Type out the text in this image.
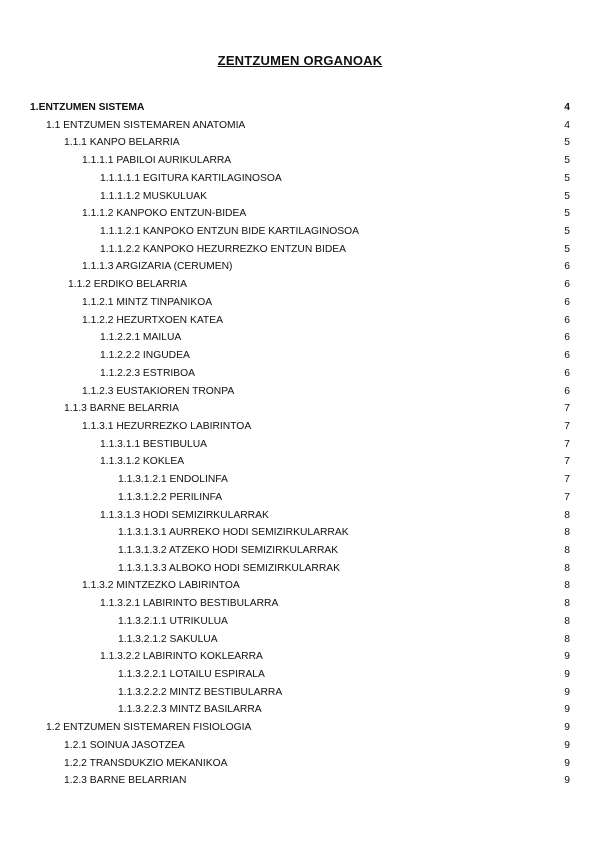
ZENTZUMEN ORGANOAK
1.ENTZUMEN SISTEMA	4
1.1 ENTZUMEN SISTEMAREN ANATOMIA	4
1.1.1 KANPO BELARRIA	5
1.1.1.1 PABILOI AURIKULARRA	5
1.1.1.1.1 EGITURA KARTILAGINOSOA	5
1.1.1.1.2 MUSKULUAK	5
1.1.1.2 KANPOKO ENTZUN-BIDEA	5
1.1.1.2.1 KANPOKO ENTZUN BIDE KARTILAGINOSOA	5
1.1.1.2.2 KANPOKO HEZURREZKO ENTZUN BIDEA	5
1.1.1.3 ARGIZARIA (CERUMEN)	6
1.1.2 ERDIKO BELARRIA	6
1.1.2.1 MINTZ TINPANIKOA	6
1.1.2.2 HEZURTXOEN KATEA	6
1.1.2.2.1 MAILUA	6
1.1.2.2.2 INGUDEA	6
1.1.2.2.3 ESTRIBOA	6
1.1.2.3 EUSTAKIOREN TRONPA	6
1.1.3 BARNE BELARRIA	7
1.1.3.1 HEZURREZKO LABIRINTOA	7
1.1.3.1.1 BESTIBULUA	7
1.1.3.1.2 KOKLEA	7
1.1.3.1.2.1 ENDOLINFA	7
1.1.3.1.2.2 PERILINFA	7
1.1.3.1.3 HODI SEMIZIRKULARRAK	8
1.1.3.1.3.1 AURREKO HODI SEMIZIRKULARRAK	8
1.1.3.1.3.2 ATZEKO HODI SEMIZIRKULARRAK	8
1.1.3.1.3.3 ALBOKO HODI SEMIZIRKULARRAK	8
1.1.3.2 MINTZEZKO LABIRINTOA	8
1.1.3.2.1 LABIRINTO BESTIBULARRA	8
1.1.3.2.1.1 UTRIKULUA	8
1.1.3.2.1.2 SAKULUA	8
1.1.3.2.2 LABIRINTO KOKLEARRA	9
1.1.3.2.2.1 LOTAILU ESPIRALA	9
1.1.3.2.2.2 MINTZ BESTIBULARRA	9
1.1.3.2.2.3 MINTZ BASILARRA	9
1.2 ENTZUMEN SISTEMAREN FISIOLOGIA	9
1.2.1 SOINUA JASOTZEA	9
1.2.2 TRANSDUKZIO MEKANIKOA	9
1.2.3 BARNE BELARRIAN	9
